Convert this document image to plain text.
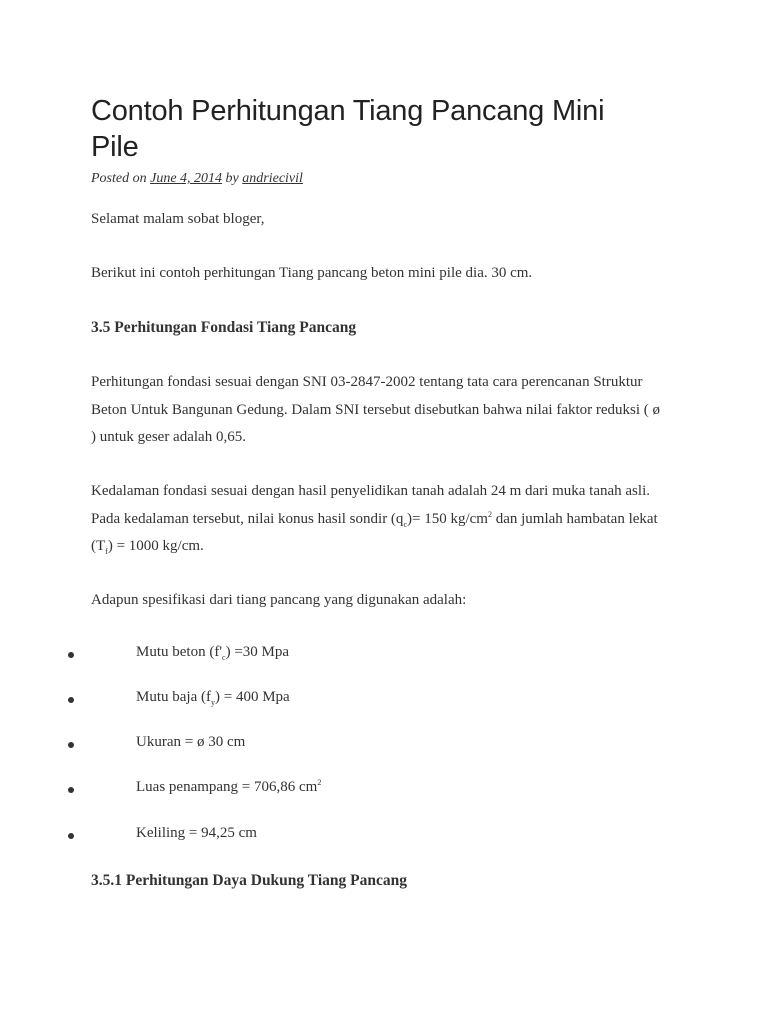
Contoh Perhitungan Tiang Pancang Mini Pile
Posted on June 4, 2014 by andriecivil

Selamat malam sobat bloger,

Berikut ini contoh perhitungan Tiang pancang beton mini pile dia. 30 cm.

3.5 Perhitungan Fondasi Tiang Pancang

Perhitungan fondasi sesuai dengan SNI 03-2847-2002 tentang tata cara perencanan Struktur Beton Untuk Bangunan Gedung. Dalam SNI tersebut disebutkan bahwa nilai faktor reduksi ( ø ) untuk geser adalah 0,65.

Kedalaman fondasi sesuai dengan hasil penyelidikan tanah adalah 24 m dari muka tanah asli. Pada kedalaman tersebut, nilai konus hasil sondir $(q_c)= 150$ $kg/cm^2$ dan jumlah hambatan lekat $(T_f) = 1000$ kg/cm.

Adapun spesifikasi dari tiang pancang yang digunakan adalah:

Mutu beton $(f'_c) =30$ Mpa
Mutu baja $(f_y) = 400$ Mpa
Ukuran = ø 30 cm
Luas penampang = 706,86 $cm^2$
Keliling = 94,25 cm
3.5.1 Perhitungan Daya Dukung Tiang Pancang
